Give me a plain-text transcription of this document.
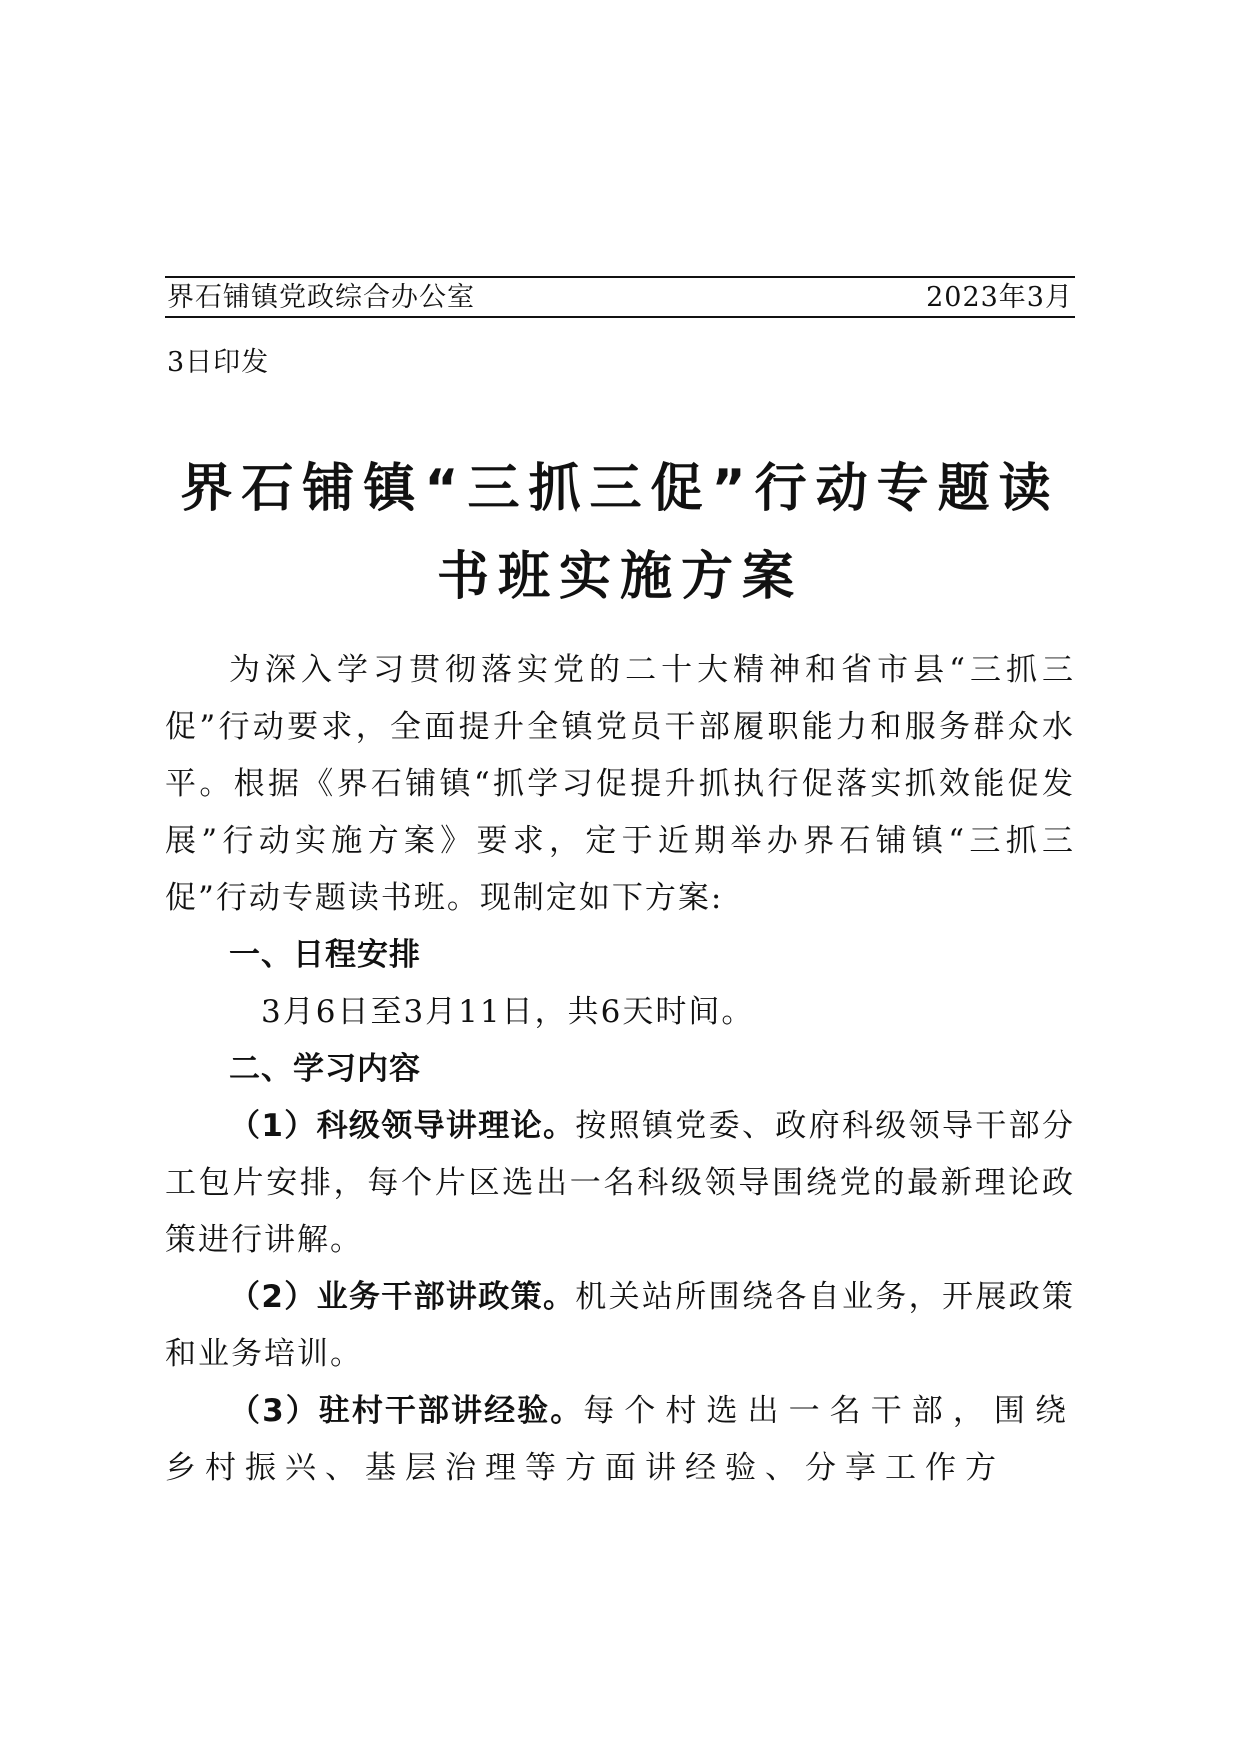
界石铺镇党政综合办公室	2023年3月
3日印发
界石铺镇“三抓三促”行动专题读
书班实施方案

为深入学习贯彻落实党的二十大精神和省市县“三抓三促”行动要求，全面提升全镇党员干部履职能力和服务群众水平。根据《界石铺镇“抓学习促提升抓执行促落实抓效能促发展”行动实施方案》要求，定于近期举办界石铺镇“三抓三促”行动专题读书班。现制定如下方案:

一、日程安排

3月6日至3月11日，共6天时间。

二、学习内容

（1）科级领导讲理论。按照镇党委、政府科级领导干部分工包片安排，每个片区选出一名科级领导围绕党的最新理论政策进行讲解。

（2）业务干部讲政策。机关站所围绕各自业务，开展政策和业务培训。

（3）驻村干部讲经验。每个村选出一名干部，围绕乡村振兴、基层治理等方面讲经验、分享工作方
